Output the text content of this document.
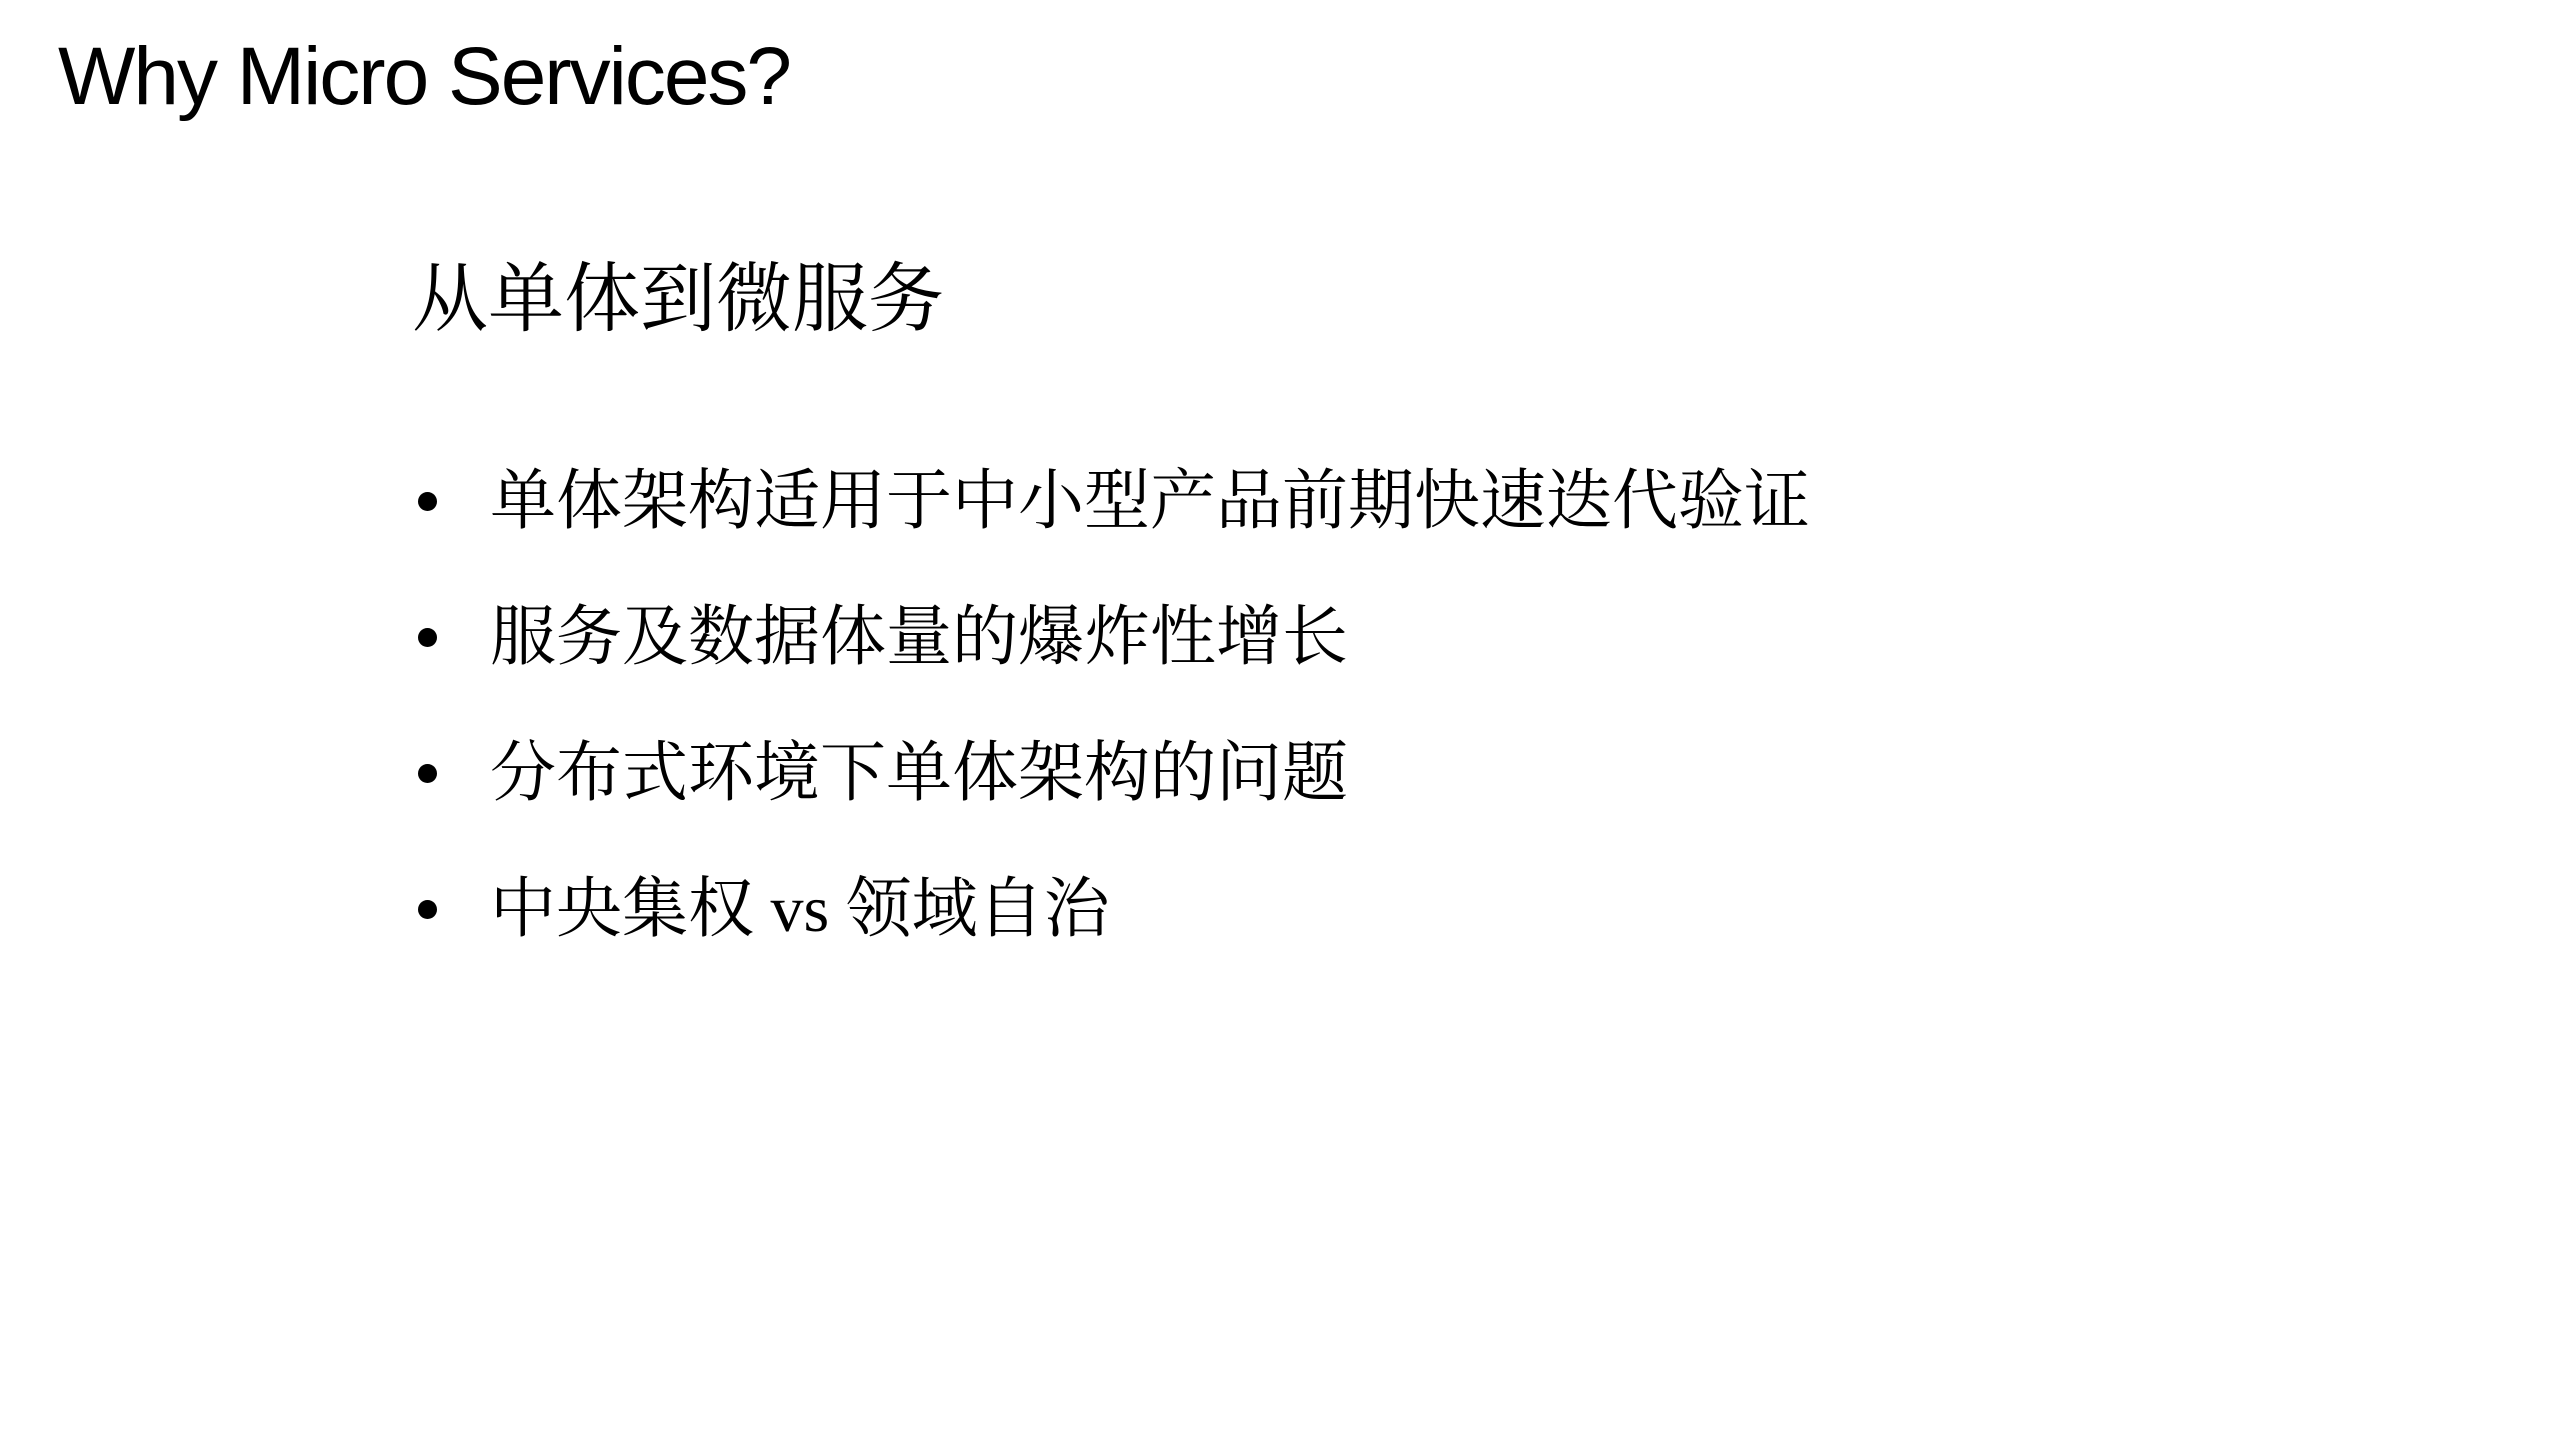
Why Micro Services?
从单体到微服务
单体架构适用于中小型产品前期快速迭代验证
服务及数据体量的爆炸性增长
分布式环境下单体架构的问题
中央集权 vs 领域自治
